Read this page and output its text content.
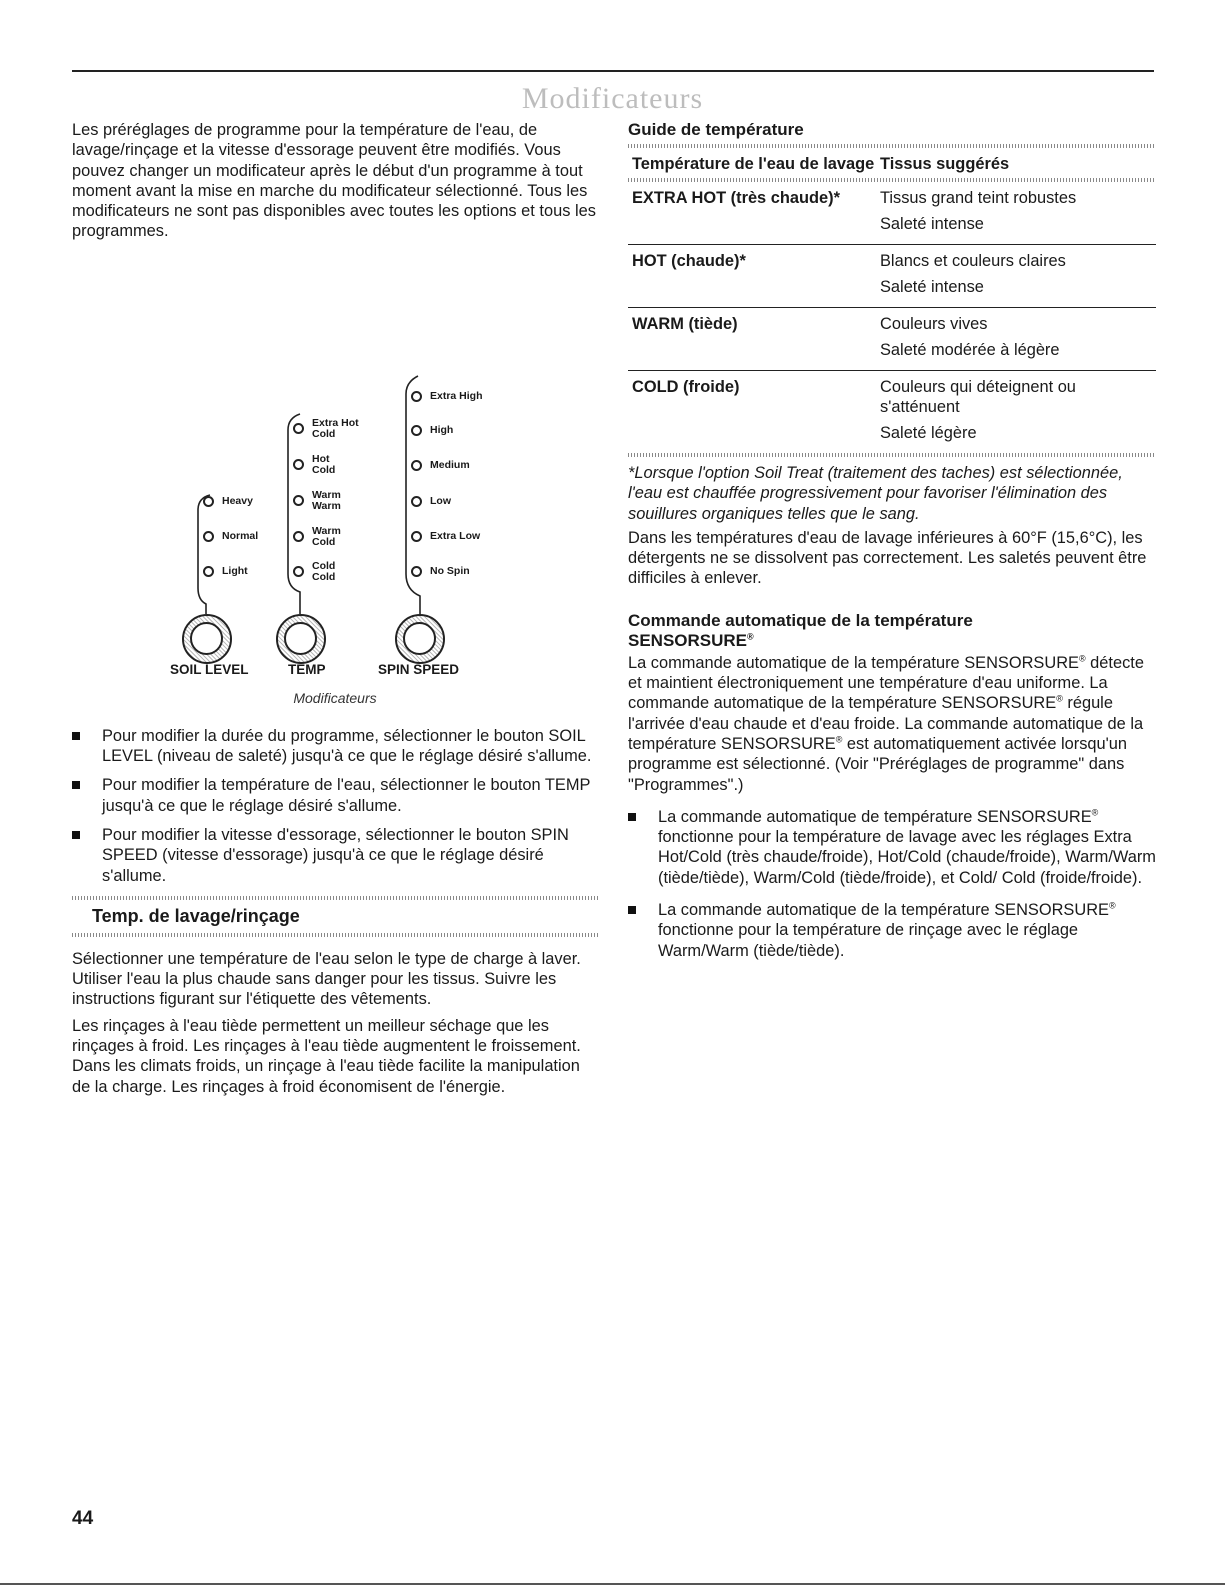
Modificateurs

Les préréglages de programme pour la température de l'eau, de lavage/rinçage et la vitesse d'essorage peuvent être modifiés. Vous pouvez changer un modificateur après le début d'un programme à tout moment avant la mise en marche du modificateur sélectionné. Tous les modificateurs ne sont pas disponibles avec toutes les options et tous les programmes.

Heavy
Normal
Light
Extra Hot
Cold
Hot
Cold
Warm
Warm
Warm
Cold
Cold
Cold
Extra High
High
Medium
Low
Extra Low
No Spin
SOIL LEVEL	TEMP	SPIN SPEED
Modificateurs
Pour modifier la durée du programme, sélectionner le bouton SOIL LEVEL (niveau de saleté) jusqu'à ce que le réglage désiré s'allume.
Pour modifier la température de l'eau, sélectionner le bouton TEMP jusqu'à ce que le réglage désiré s'allume.
Pour modifier la vitesse d'essorage, sélectionner le bouton SPIN SPEED (vitesse d'essorage) jusqu'à ce que le réglage désiré s'allume.
Temp. de lavage/rinçage

Sélectionner une température de l'eau selon le type de charge à laver. Utiliser l'eau la plus chaude sans danger pour les tissus. Suivre les instructions figurant sur l'étiquette des vêtements.

Les rinçages à l'eau tiède permettent un meilleur séchage que les rinçages à froid. Les rinçages à l'eau tiède augmentent le froissement. Dans les climats froids, un rinçage à l'eau tiède facilite la manipulation de la charge. Les rinçages à froid économisent de l'énergie.

Guide de température
Température de l'eau de lavage Tissus suggérés
EXTRA HOT (très chaude)*	Tissus grand teint robustes
Saleté intense
HOT (chaude)*	Blancs et couleurs claires
Saleté intense
WARM (tiède)	Couleurs vives
Saleté modérée à légère
COLD (froide)	Couleurs qui déteignent ou s'atténuent
Saleté légère

*Lorsque l'option Soil Treat (traitement des taches) est sélectionnée, l'eau est chauffée progressivement pour favoriser l'élimination des souillures organiques telles que le sang.

Dans les températures d'eau de lavage inférieures à 60°F (15,6°C), les détergents ne se dissolvent pas correctement. Les saletés peuvent être difficiles à enlever.

Commande automatique de la température
SENSORSURE®

La commande automatique de la température SENSORSURE® détecte et maintient électroniquement une température d'eau uniforme. La commande automatique de la température SENSORSURE® régule l'arrivée d'eau chaude et d'eau froide. La commande automatique de la température SENSORSURE® est automatiquement activée lorsqu'un programme est sélectionné. (Voir "Préréglages de programme" dans "Programmes".)

La commande automatique de température SENSORSURE® fonctionne pour la température de lavage avec les réglages Extra Hot/Cold (très chaude/froide), Hot/Cold (chaude/froide), Warm/Warm (tiède/tiède), Warm/Cold (tiède/froide), et Cold/ Cold (froide/froide).
La commande automatique de la température SENSORSURE® fonctionne pour la température de rinçage avec le réglage Warm/Warm (tiède/tiède).
44
